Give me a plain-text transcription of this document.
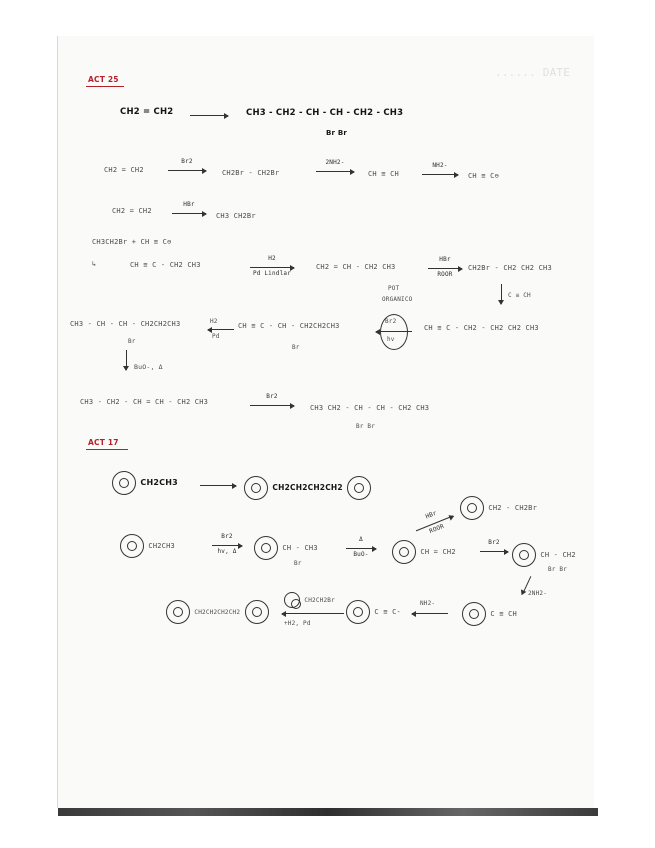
...... DATE
ACT 25
CH2 = CH2	CH3 - CH2 - CH - CH - CH2 - CH3
Br Br
CH2 = CH2
Br2
CH2Br - CH2Br
2NH2-
CH ≡ CH
NH2-
CH ≡ C⊖
CH2 = CH2
HBr
CH3 CH2Br
CH3CH2Br + CH ≡ C⊖
↳	CH ≡ C - CH2 CH3
H2
Pd Lindlar
CH2 = CH - CH2 CH3
HBr
ROOR
CH2Br - CH2 CH2 CH3
POT
ORGANICO
C ≡ CH
CH3 - CH - CH - CH2CH2CH3
Br
H2
Pd
CH ≡ C - CH - CH2CH2CH3
Br
Br2
hv
CH ≡ C - CH2 - CH2 CH2 CH3
BuO-, Δ
CH3 - CH2 - CH = CH - CH2 CH3
Br2
CH3 CH2 - CH - CH - CH2 CH3
Br Br
ACT 17
CH2CH3
CH2CH2CH2CH2
HBr
ROOR
CH2 - CH2Br
CH2CH3	$\frac{Br2}{hv, \Delta}$
CH - CH3
Br
Δ
BuO-	CH = CH2
Br2
CH - CH2
Br Br
2NH2-
CH2CH2CH2CH2
CH2CH2Br
+H2, Pd
C ≡ C-
NH2-
C ≡ CH
